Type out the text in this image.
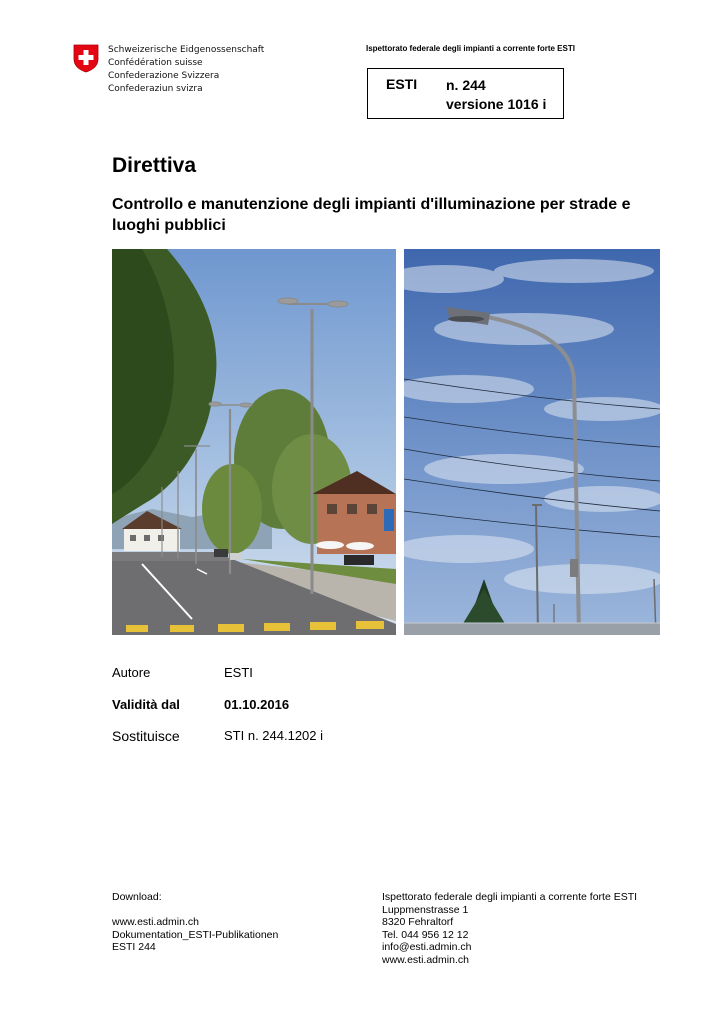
Schweizerische Eidgenossenschaft
Confédération suisse
Confederazione Svizzera
Confederaziun svizra
Ispettorato federale degli impianti a corrente forte ESTI
ESTI n. 244
versione 1016 i
Direttiva
Controllo e manutenzione degli impianti d'illuminazione per strade e luoghi pubblici
Autore	ESTI
Validità dal	01.10.2016
Sostituisce	STI n. 244.1202 i
Download:
www.esti.admin.ch
Dokumentation_ESTI-Publikationen
ESTI 244
Ispettorato federale degli impianti a corrente forte ESTI
Luppmenstrasse 1
8320 Fehraltorf
Tel. 044 956 12 12
info@esti.admin.ch
www.esti.admin.ch
